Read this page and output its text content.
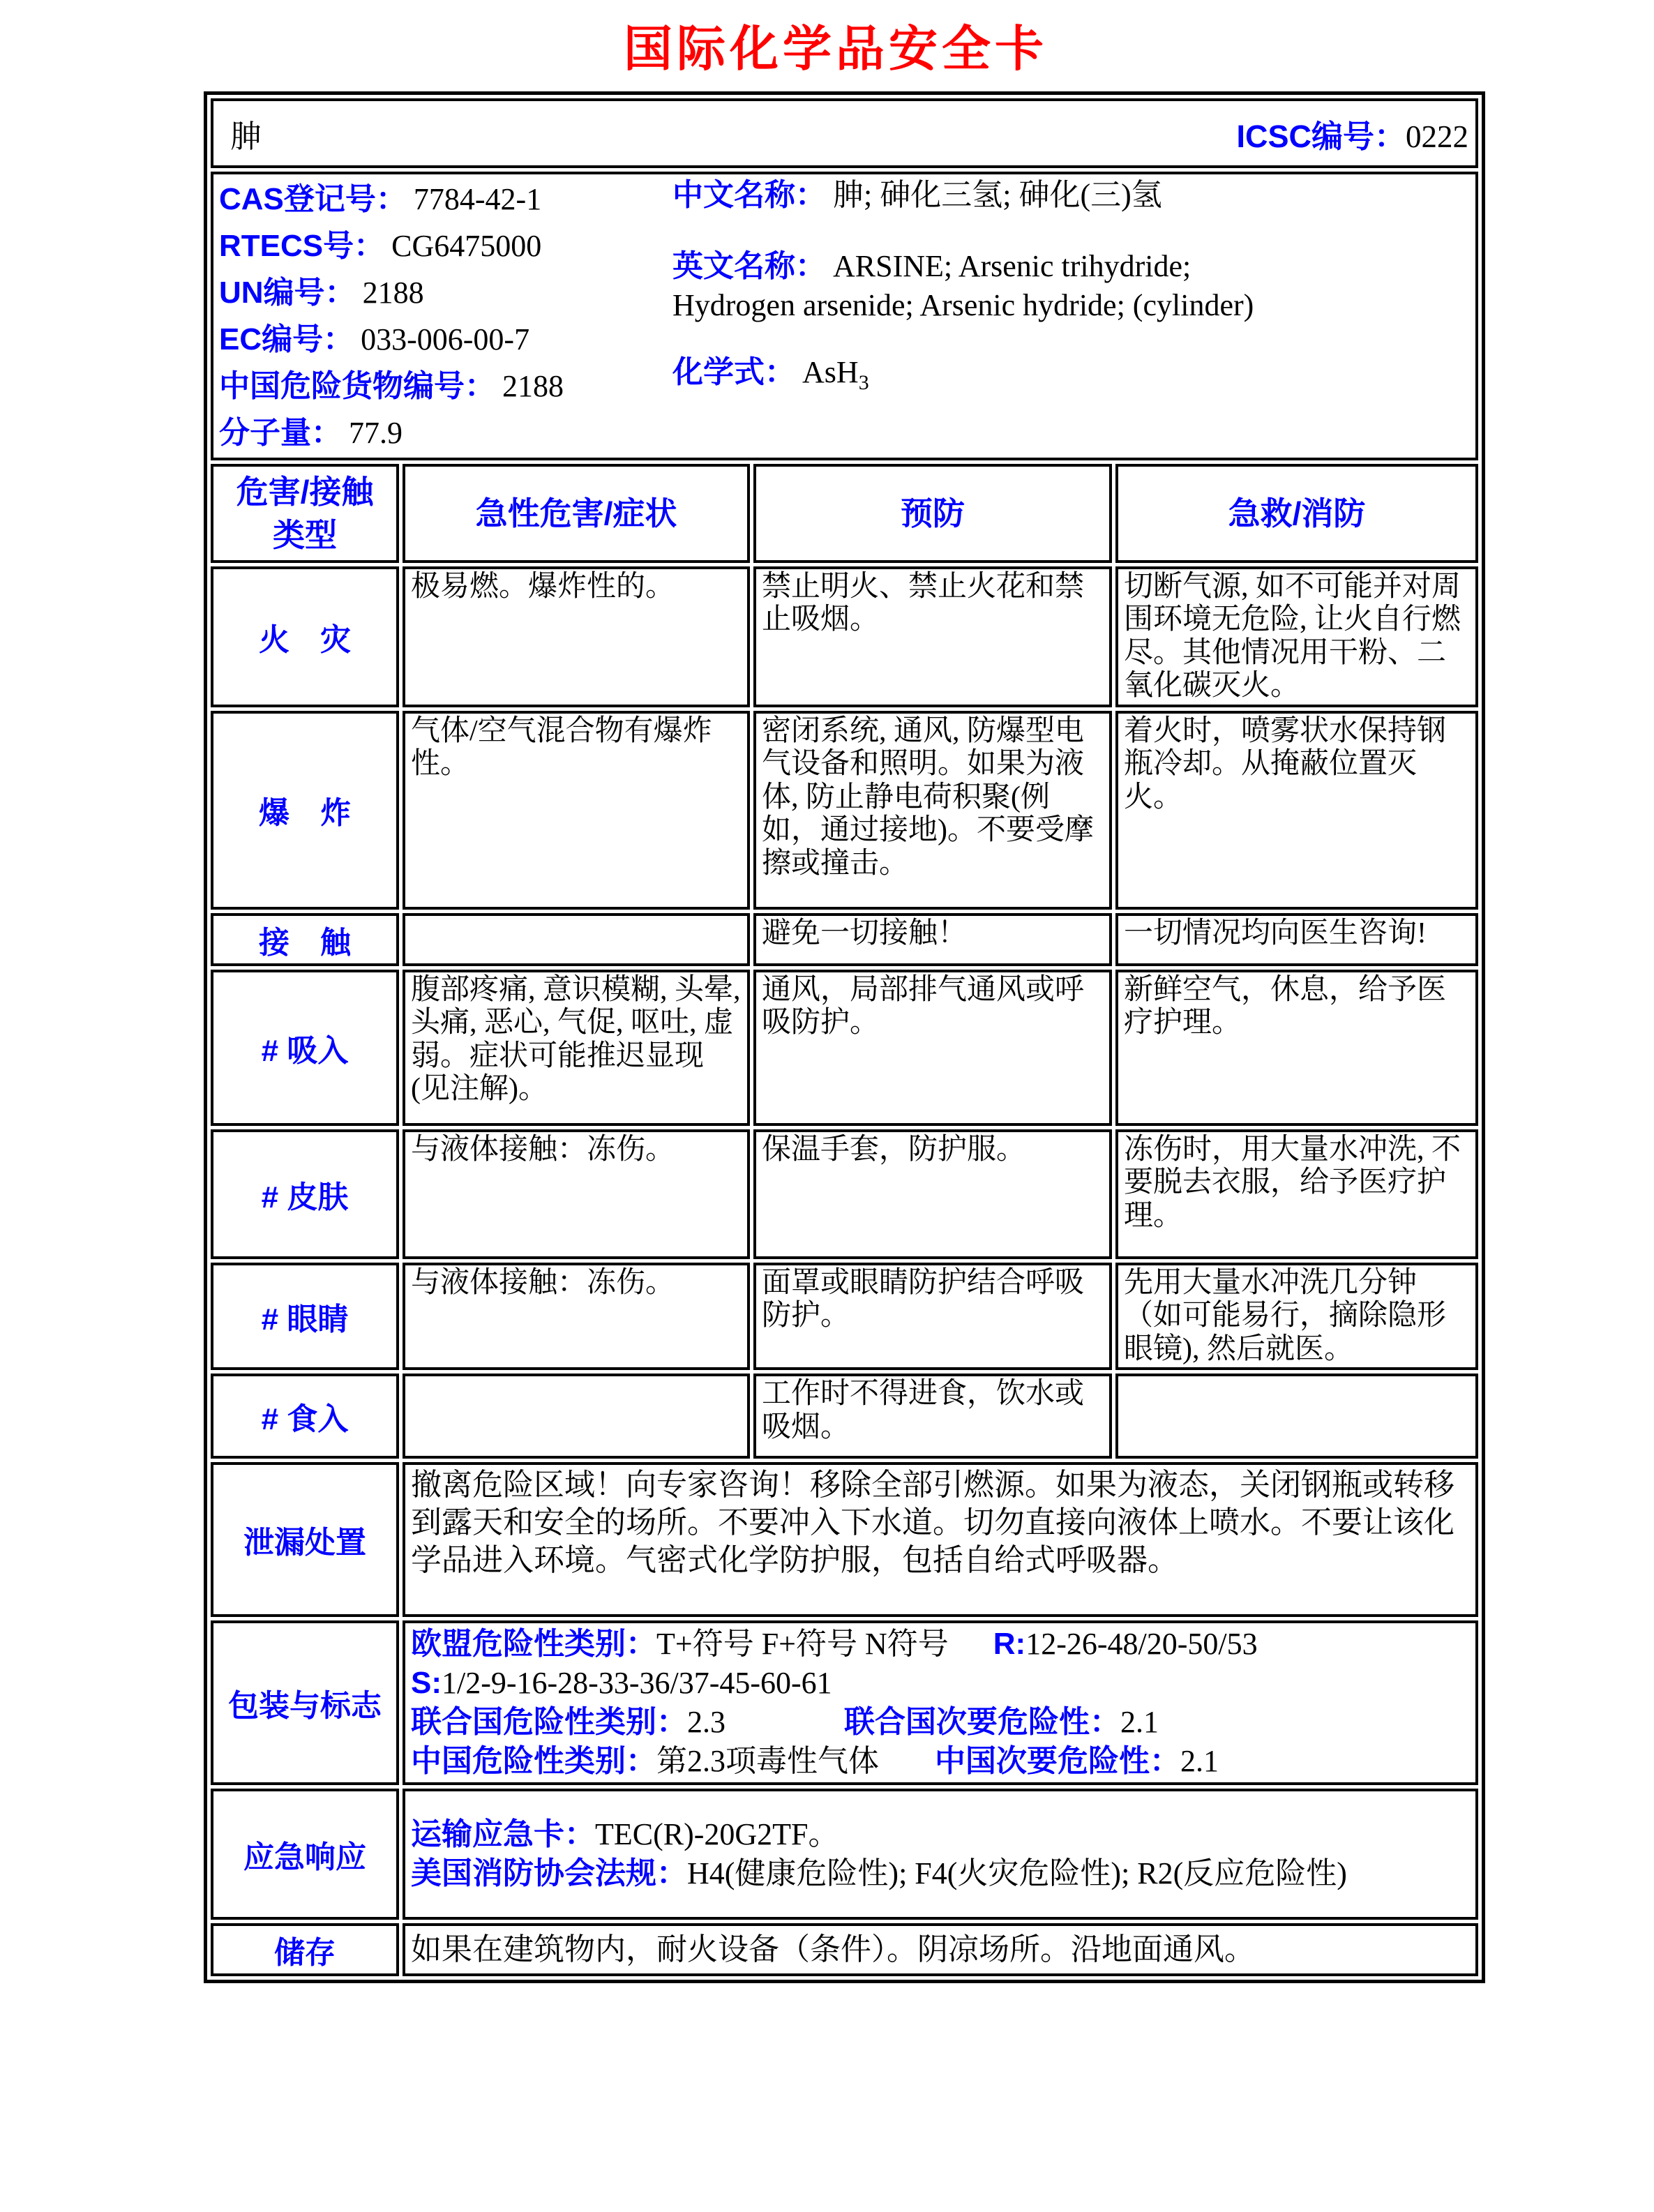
国际化学品安全卡
胂 ICSC编号：0222			

CAS登记号： 7784-42-1
RTECS号： CG6475000
UN编号： 2188
EC编号： 033-006-00-7
中国危险货物编号： 2188
分子量： 77.9
中文名称： 胂; 砷化三氢; 砷化(三)氢
英文名称： ARSINE; Arsenic trihydride; Hydrogen arsenide; Arsenic hydride; (cylinder)
化学式： AsH$_3$

危害/接触
类型	急性危害/症状	预防	急救/消防
火　灾	极易燃。爆炸性的。	禁止明火、禁止火花和禁止吸烟。	切断气源, 如不可能并对周围环境无危险, 让火自行燃尽。其他情况用干粉、二氧化碳灭火。
爆　炸	气体/空气混合物有爆炸性。	密闭系统, 通风, 防爆型电气设备和照明。如果为液体, 防止静电荷积聚(例如，通过接地)。不要受摩擦或撞击。	着火时，喷雾状水保持钢瓶冷却。从掩蔽位置灭火。
接　触		避免一切接触！	一切情况均向医生咨询!
# 吸入	腹部疼痛, 意识模糊, 头晕, 头痛, 恶心, 气促, 呕吐, 虚弱。症状可能推迟显现(见注解)。	通风，局部排气通风或呼吸防护。	新鲜空气，休息，给予医疗护理。
# 皮肤	与液体接触：冻伤。	保温手套，防护服。	冻伤时，用大量水冲洗, 不要脱去衣服，给予医疗护理。
# 眼睛	与液体接触：冻伤。	面罩或眼睛防护结合呼吸防护。	先用大量水冲洗几分钟（如可能易行，摘除隐形眼镜), 然后就医。
# 食入		工作时不得进食，饮水或吸烟。	
泄漏处置	撤离危险区域！向专家咨询！移除全部引燃源。如果为液态，关闭钢瓶或转移到露天和安全的场所。不要冲入下水道。切勿直接向液体上喷水。不要让该化学品进入环境。气密式化学防护服，包括自给式呼吸器。		
包装与标志	欧盟危险性类别：T+符号 F+符号 N符号 R:12-26-48/20-50/53
S:1/2-9-16-28-33-36/37-45-60-61
联合国危险性类别：2.3 联合国次要危险性：2.1
中国危险性类别：第2.3项毒性气体 中国次要危险性：2.1		

应急响应	运输应急卡：TEC(R)-20G2TF。
美国消防协会法规：H4(健康危险性); F4(火灾危险性); R2(反应危险性)		

储存	如果在建筑物内，耐火设备（条件）。阴凉场所。沿地面通风。		
